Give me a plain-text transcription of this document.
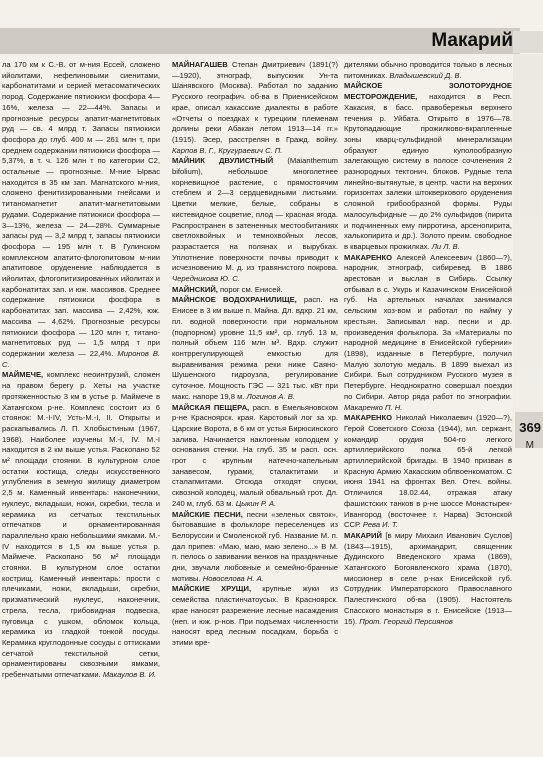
Макарий
369
М

ла 170 км к С.-В. от м-ния Ессей, сложено ийолитами, нефелиновыми сиенитами, карбонатитами и серией метасоматических пород. Содержание пятиокиси фосфора 4—16%, железа — 22—44%. Запасы и прогнозные ресурсы апатит-магнетитовых руд — св. 4 млрд т. Запасы пятиокиси фосфора до глуб. 400 м — 261 млн т, при среднем содержании пятиокиси фосфора — 5,37%, в т. ч. 126 млн т по категории С2, остальные — прогнозные. М-ние Ырвас находится в 35 км зап. Магнатского м-ния, сложено фенитизированными гнейсами и титаномагнетит апатит-магнетитовыми рудами. Содержание пятиокиси фосфора — 3—13%, железа — 24—28%. Суммарные запасы руд — 3,2 млрд т, запасы пятиокиси фосфора — 195 млн т. В Гулинском комплексном апатито-флогопитовом м-нии апатитовое оруденение наблюдается в ийолитах, флогопитизированных ийолитах и карбонатитах зап. и юж. массивов. Среднее содержание пятиокиси фосфора в карбонатитах зап. массива — 2,42%, юж. массива — 4,62%. Прогнозные ресурсы пятиокиси фосфора — 120 млн т, титано-магнетитовых руд — 1,5 млрд т при содержании железа — 22,4%. Миронов В. С.

МАЙМЕЧЕ, комплекс неоинтрузий, сложен на правом берегу р. Хеты на участке протяженностью 3 км в устье р. Маймече в Хатангском р-не. Комплекс состоит из 6 стоянок: М.-I-IV, Усть-М.-I, II. Открыты и раскапывались Л. П. Хлобыстиным (1967, 1968). Наиболее изучены М.-I, IV. М.-I находится в 2 км выше устья. Раскопано 52 м² площади стоянки. В культурном слое остатки костища, следы искусственного углубления в земную жилищу диаметром 2,5 м. Каменный инвентарь: наконечники, нуклеус, вкладыши, ножи, скребки, тесла и керамика из сетчатых текстильных отпечатков и орнаментированная параллельно краю небольшими ямками. М.-IV находится в 1,5 км выше устья р. Маймече. Раскопано 56 м² площади стоянки. В культурном слое остатки кострищ. Каменный инвентарь: прости с плечиками, ножи, вкладыши, скребки, призматический нуклеус, наконечник, стрела, тесла, грибовидная подвеска, пуговица с ушком, обломок кольца, керамика из гладкой тонкой посуды. Керамика круглодонные сосуды с оттисками сетчатой текстильной сетки, орнаментированы сквозными ямками, гребенчатыми отпечатками. Макаулов В. И.

МАЙНАГАШЕВ Степан Дмитриевич (1891(?)—1920), этнограф, выпускник Ун-та Шанявского (Москва). Работал по заданию Русского географич. об-ва в Приенисейском крае, описал хакасские диалекты в работе «Отчеты о поездках к турецким племенам долины реки Абакан летом 1913—14 гг.» (1915). Эсер, расстрелян в Гражд. войну. Карпов В. Г., Кругураевич С. П.

МАЙНИК ДВУЛИСТНЫЙ (Maianthemum bifolium), небольшое многолетнее корневищное растение, с прямостоячим стеблем и 2—3 сердцевидными листьями. Цветки мелкие, белые, собраны в кистевидное соцветие, плод — красная ягода. Распространен в затененных местообитаниях светлохвойных и темнохвойных лесов, разрастается на полянах и вырубках. Уплотнение поверхности почвы приводит к исчезновению М. д. из травянистого покрова. Чередникова Ю. С.

МАЙНСКИЙ, порог см. Енисей.

МАЙНСКОЕ ВОДОХРАНИЛИЩЕ, расп. на Енисее в 3 км выше п. Майна. Дл. вдхр. 21 км, пл. водной поверхности при нормальном (подпорном) уровне 11,5 км², ср. глуб. 13 м, полный объем 116 млн м³. Вдхр. служит контррегулирующей емкостью для выравнивания режима реки ниже Саяно-Шушенского гидроузла, регулирование суточное. Мощность ГЭС — 321 тыс. кВт при макс. напоре 19,8 м. Логинов А. В.

МАЙСКАЯ ПЕЩЕРА, расп. в Емельяновском р-не Красноярск. края. Карстовый лог за хр. Царские Ворота, в 6 км от устья Бирюсинского залива. Начинается наклонным колодцем у основания стенки. На глуб. 35 м расп. осн. грот с крупным натечно-капельным занавесом, гурами, сталактитами и сталагмитами. Отсюда отходят спуски, сквозной колодец, малый обвальный грот. Дл. 240 м, глуб. 63 м. Цыкин Р. А.

МАЙСКИЕ ПЕСНИ, песни «зеленых святок», бытовавшие в фольклоре переселенцев из Белоруссии и Смоленской губ. Название М. п. дал припев: «Маю, маю, маю зелено...» В М. п. пелось о завивании венков на праздничные дни, звучали любовные и семейно-бранные мотивы. Новоселова Н. А.

МАЙСКИЕ ХРУЩИ, крупные жуки из семейства пластинчатоусых. В Красноярск. крае наносят разрежение лесные насаждения (неп. и юж. р-нов. При подъемах численности наносят вред лесным посадкам, борьба с этими вре-

дителями обычно проводится только в лесных питомниках. Владышевский Д. В.

МАЙСКОЕ ЗОЛОТОРУДНОЕ МЕСТОРОЖДЕНИЕ, находится в Респ. Хакасия, в басс. правобережья верхнего течения р. Уйбата. Открыто в 1976—78. Крутопадающие прожилково-вкрапленные зоны кварц-сульфидной минерализации образуют единую куполообразную залегающую систему в полосе сочленения 2 разнородных тектонич. блоков. Рудные тела линейно-вытянутые, в центр. части на верхних горизонтах залежи штокверкового оруденения сложной грибообразной формы. Руды малосульфидные — до 2% сульфидов (пирита и подчиненных ему пирротина, арсенопирита, халькопирита и др.). Золото преим. свободное в кварцевых прожилках. Ли Л. В.

МАКАРЕНКО Алексей Алексеевич (1860—?), народник, этнограф, сибиревед. В 1886 арестован и выслан в Сибирь. Ссылку отбывал в с. Укурь и Казачинском Енисейской губ. На артельных началах занимался сельским хоз-вом и работал по найму у крестьян. Записывал нар. песни и др. произведения фольклора. За «Материалы по народной медицине в Енисейской губернии» (1898), изданные в Петербурге, получил Малую золотую медаль. В 1899 выехал из Сибири. Был сотрудником Русского музея в Петербурге. Неоднократно совершал поездки по Сибири. Автор ряда работ по этнографии. Макаренко П. Н.

МАКАРЕНКО Николай Николаевич (1920—?), Герой Советского Союза (1944), мл. сержант, командир орудия 504-го легкого артиллерийского полка 65-й легкой артиллерийской бригады. В 1940 призван в Красную Армию Хакасским облвоенкоматом. С июня 1941 на фронтах Вел. Отеч. войны. Отличился 18.02.44, отражая атаку фашистских танков в р-не шоссе Монастырек-Ивангород (восточнее г. Нарва) Эстонской ССР. Рева И. Т.

МАКАРИЙ [в миру Михаил Иванович Суслов] (1843—1915), архимандрит, священник Дудинского Введенского храма (1869), Хатангского Богоявленского храма (1870), миссионер в селе р-нах Енисейской губ. Сотрудник Императорского Православного Палестинского об-ва (1905). Настоятель Спасского монастыря в г. Енисейске (1913—15). Прот. Георгий Персиянов
